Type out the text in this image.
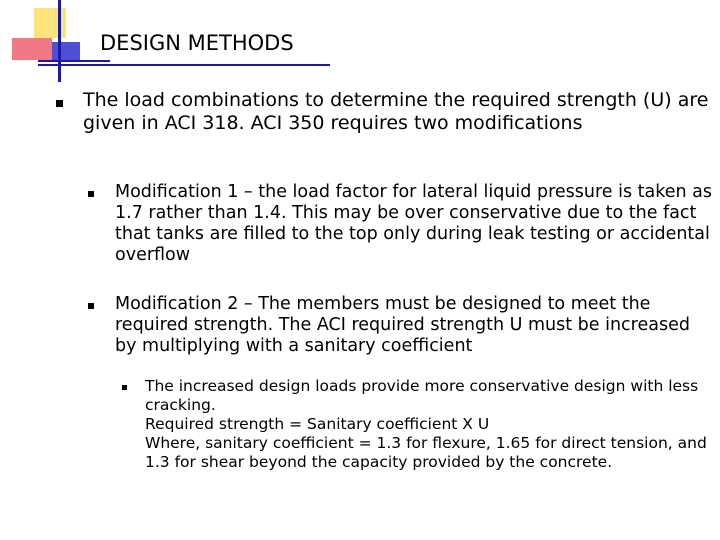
DESIGN METHODS
The load combinations to determine the required strength (U) are given in ACI 318. ACI 350 requires two modifications
Modification 1 – the load factor for lateral liquid pressure is taken as 1.7 rather than 1.4. This may be over conservative due to the fact that tanks are filled to the top only during leak testing or accidental overflow
Modification 2 – The members must be designed to meet the required strength. The ACI required strength U must be increased by multiplying with a sanitary coefficient

The increased design loads provide more conservative design with less cracking.

Required strength = Sanitary coefficient X U

Where, sanitary coefficient = 1.3 for flexure, 1.65 for direct tension, and 1.3 for shear beyond the capacity provided by the concrete.
